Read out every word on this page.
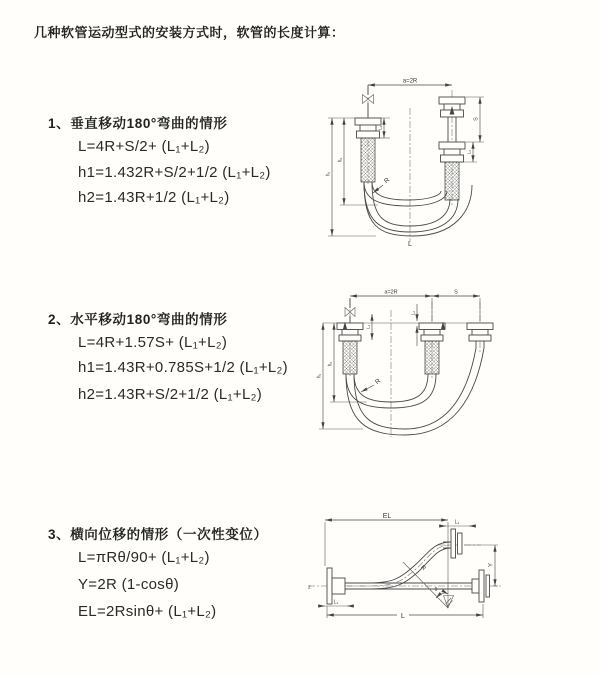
几种软管运动型式的安装方式时，软管的长度计算：
1、垂直移动180°弯曲的情形
L=4R+S/2+ (L₁+L₂)
h1=1.432R+S/2+1/2 (L₁+L₂)
h2=1.43R+1/2 (L₁+L₂)
2、水平移动180°弯曲的情形
L=4R+1.57S+ (L₁+L₂)
h1=1.43R+0.785S+1/2 (L₁+L₂)
h2=1.43R+S/2+1/2 (L₁+L₂)
3、横向位移的情形（一次性变位）
L=πRθ/90+ (L₁+L₂)
Y=2R (1-cosθ)
EL=2Rsinθ+ (L₁+L₂)
a=2R
h₁
h₂
L₁
S
L₂
R
L
a=2R	S
h₁
h₂
L₁
L₂
R
z
EL
L₂
Y
R
θ
L₁
L
